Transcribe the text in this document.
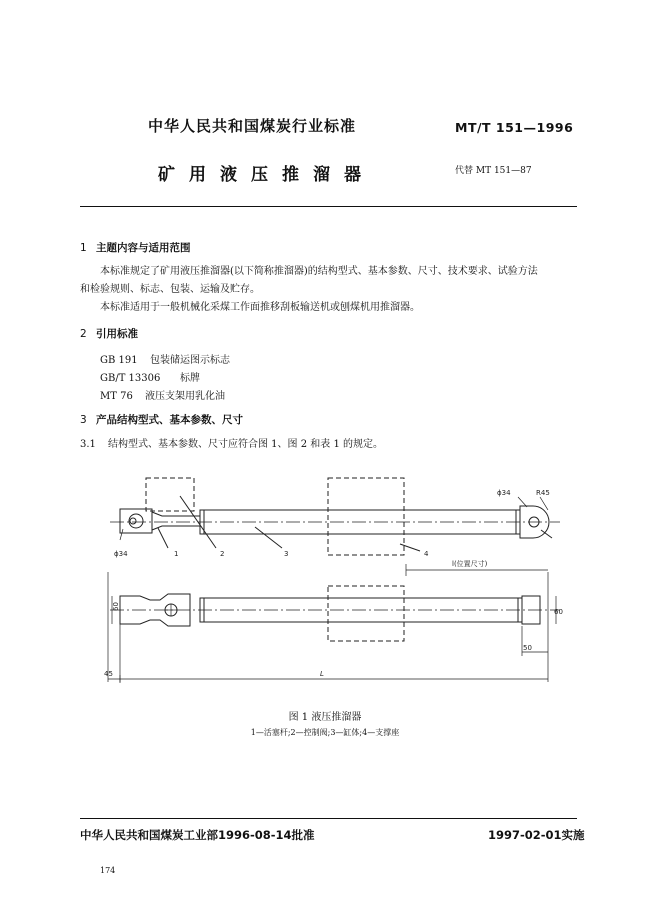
中华人民共和国煤炭行业标准	MT/T 151—1996
矿用液压推溜器	代替 MT 151—87
1 主题内容与适用范围
本标准规定了矿用液压推溜器(以下简称推溜器)的结构型式、基本参数、尺寸、技术要求、试验方法
和检验规则、标志、包装、运输及贮存。
本标准适用于一般机械化采煤工作面推移刮板输送机或刨煤机用推溜器。
2 引用标准
GB 191 包装储运图示标志
GB/T 13306 标牌
MT 76 液压支架用乳化油
3 产品结构型式、基本参数、尺寸
3.1 结构型式、基本参数、尺寸应符合图 1、图 2 和表 1 的规定。
ϕ34
ϕ34	R45
1	2	3	4
l(位置尺寸)
60
60
50
45	L
图 1 液压推溜器
1—活塞杆;2—控制阀;3—缸体;4—支撑座
中华人民共和国煤炭工业部1996-08-14批准	1997-02-01实施
174
